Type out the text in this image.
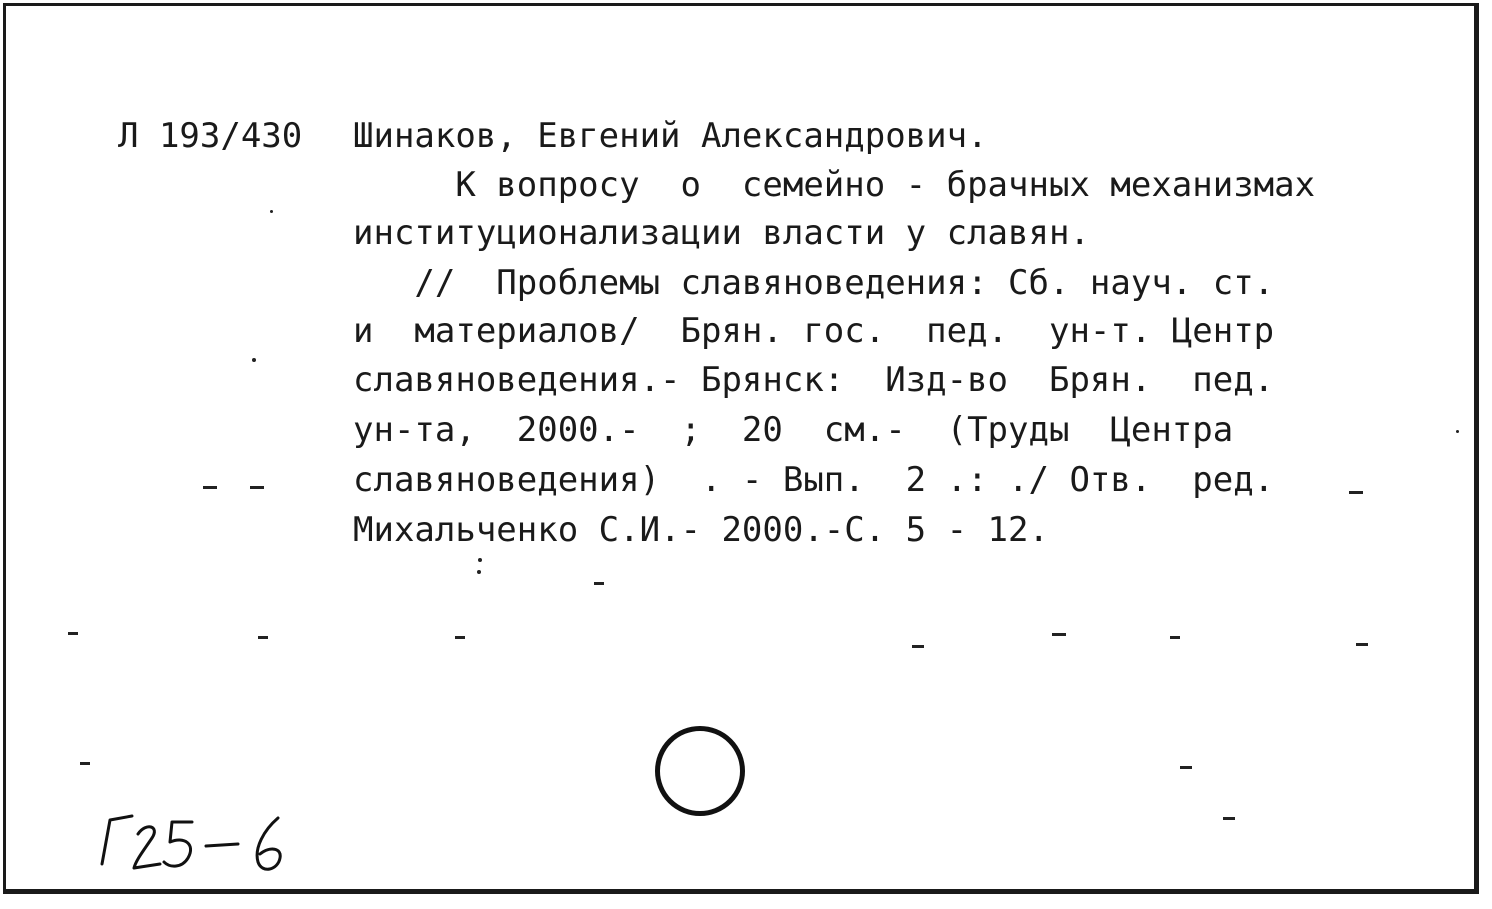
Л 193/430 Шинаков, Евгений Александрович.
К вопросу  о  семейно - брачных механизмах
институционализации власти у славян.
//  Проблемы славяноведения: Сб. науч. ст.
и  материалов/  Брян. гос.  пед.  ун-т. Центр
славяноведения.- Брянск:  Изд-во  Брян.  пед.
ун-та,  2000.-  ;  20  см.-  (Труды  Центра
славяноведения)  . - Вып.  2 .: ./ Отв.  ред.
Михальченко С.И.- 2000.-С. 5 - 12.
